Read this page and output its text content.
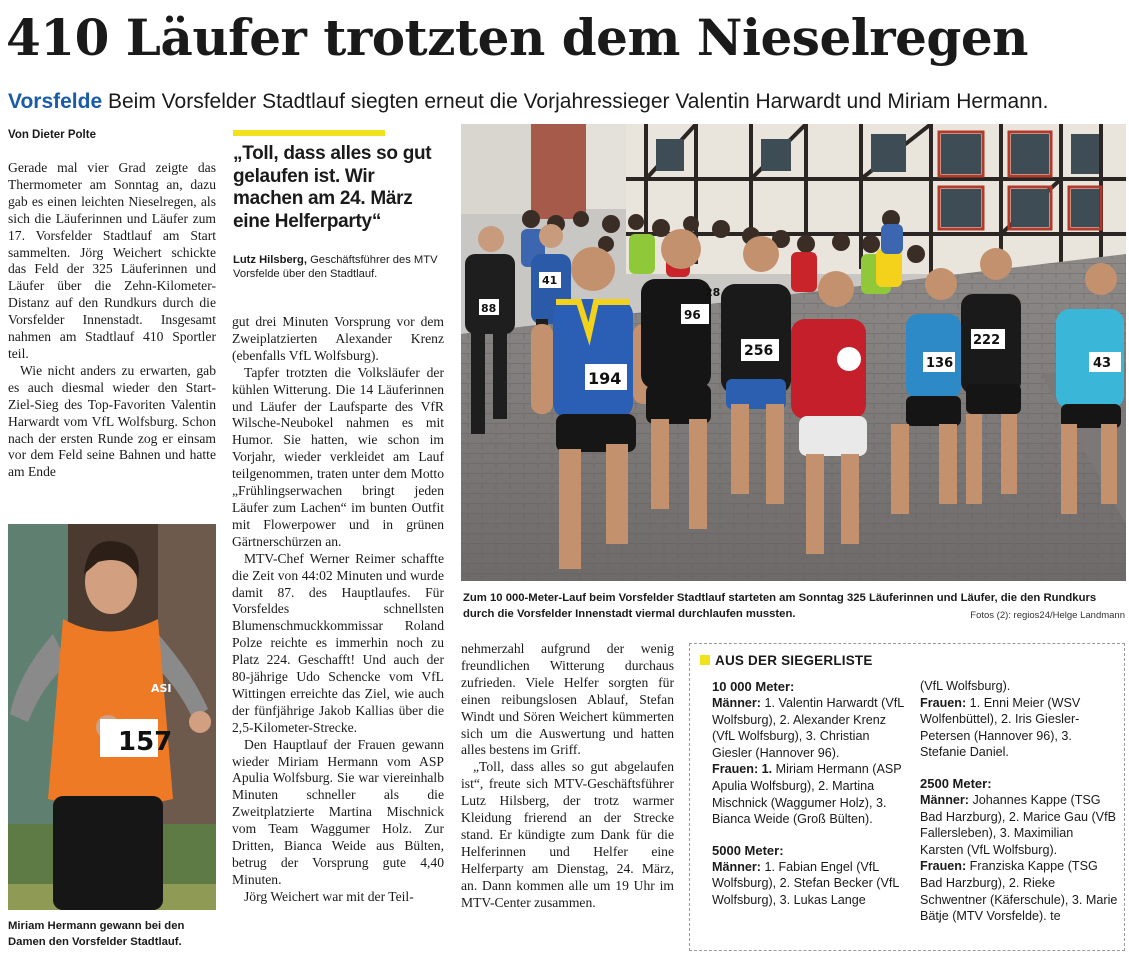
410 Läufer trotzten dem Nieselregen
Vorsfelde Beim Vorsfelder Stadtlauf siegten erneut die Vorjahressieger Valentin Harwardt und Miriam Hermann.
Von Dieter Polte

Gerade mal vier Grad zeigte das Thermometer am Sonntag an, dazu gab es einen leichten Nieselregen, als sich die Läuferinnen und Läufer zum 17. Vorsfelder Stadtlauf am Start sammelten. Jörg Weichert schickte das Feld der 325 Läuferinnen und Läufer über die Zehn-Kilometer-Distanz auf den Rundkurs durch die Vorsfelder Innenstadt. Insgesamt nahmen am Stadtlauf 410 Sportler teil.

Wie nicht anders zu erwarten, gab es auch diesmal wieder den Start-Ziel-Sieg des Top-Favoriten Valentin Harwardt vom VfL Wolfsburg. Schon nach der ersten Runde zog er einsam vor dem Feld seine Bahnen und hatte am Ende

„Toll, dass alles so gut gelaufen ist. Wir machen am 24. März eine Helferparty“
Lutz Hilsberg, Geschäftsführer des MTV Vorsfelde über den Stadtlauf.

gut drei Minuten Vorsprung vor dem Zweiplatzierten Alexander Krenz (ebenfalls VfL Wolfsburg).

Tapfer trotzten die Volksläufer der kühlen Witterung. Die 14 Läuferinnen und Läufer der Laufsparte des VfR Wilsche-Neubokel nahmen es mit Humor. Sie hatten, wie schon im Vorjahr, wieder verkleidet am Lauf teilgenommen, traten unter dem Motto „Frühlingserwachen bringt jeden Läufer zum Lachen“ im bunten Outfit mit Flowerpower und in grünen Gärtnerschürzen an.

MTV-Chef Werner Reimer schaffte die Zeit von 44:02 Minuten und wurde damit 87. des Hauptlaufes. Für Vorsfeldes schnellsten Blumenschmuckkommissar Roland Polze reichte es immerhin noch zu Platz 224. Geschafft! Und auch der 80-jährige Udo Schencke vom VfL Wittingen erreichte das Ziel, wie auch der fünfjährige Jakob Kallias über die 2,5-Kilometer-Strecke.

Den Hauptlauf der Frauen gewann wieder Miriam Hermann vom ASP Apulia Wolfsburg. Sie war viereinhalb Minuten schneller als die Zweitplatzierte Martina Mischnick vom Team Waggumer Holz. Zur Dritten, Bianca Weide aus Bülten, betrug der Vorsprung gute 4,40 Minuten.

Jörg Weichert war mit der Teil-

nehmerzahl aufgrund der wenig freundlichen Witterung durchaus zufrieden. Viele Helfer sorgten für einen reibungslosen Ablauf, Stefan Windt und Sören Weichert kümmerten sich um die Auswertung und hatten alles bestens im Griff.

„Toll, dass alles so gut abgelaufen ist“, freute sich MTV-Geschäftsführer Lutz Hilsberg, der trotz warmer Kleidung frierend an der Strecke stand. Er kündigte zum Dank für die Helferinnen und Helfer eine Helferparty am Dienstag, 24. März, an. Dann kommen alle um 19 Uhr im MTV-Center zusammen.

88
41
194
96
256
28
136
222
43
Zum 10 000-Meter-Lauf beim Vorsfelder Stadtlauf starteten am Sonntag 325 Läuferinnen und Läufer, die den Rundkurs durch die Vorsfelder Innenstadt viermal durchlaufen mussten.	Fotos (2): regios24/Helge Landmann
157
ASI
Miriam Hermann gewann bei den Damen den Vorsfelder Stadtlauf.
AUS DER SIEGERLISTE
10 000 Meter:
Männer: 1. Valentin Harwardt (VfL Wolfsburg), 2. Alexander Krenz (VfL Wolfsburg), 3. Christian Giesler (Hannover 96).
Frauen: 1. Miriam Hermann (ASP Apulia Wolfsburg), 2. Martina Mischnick (Waggumer Holz), 3. Bianca Weide (Groß Bülten).
5000 Meter:
Männer: 1. Fabian Engel (VfL Wolfsburg), 2. Stefan Becker (VfL Wolfsburg), 3. Lukas Lange
(VfL Wolfsburg).
Frauen: 1. Enni Meier (WSV Wolfenbüttel), 2. Iris Giesler-Petersen (Hannover 96), 3. Stefanie Daniel.
2500 Meter:
Männer: Johannes Kappe (TSG Bad Harzburg), 2. Marice Gau (VfB Fallersleben), 3. Maximilian Karsten (VfL Wolfsburg).
Frauen: Franziska Kappe (TSG Bad Harzburg), 2. Rieke Schwentner (Käferschule), 3. Marie Bätje (MTV Vorsfelde). te
